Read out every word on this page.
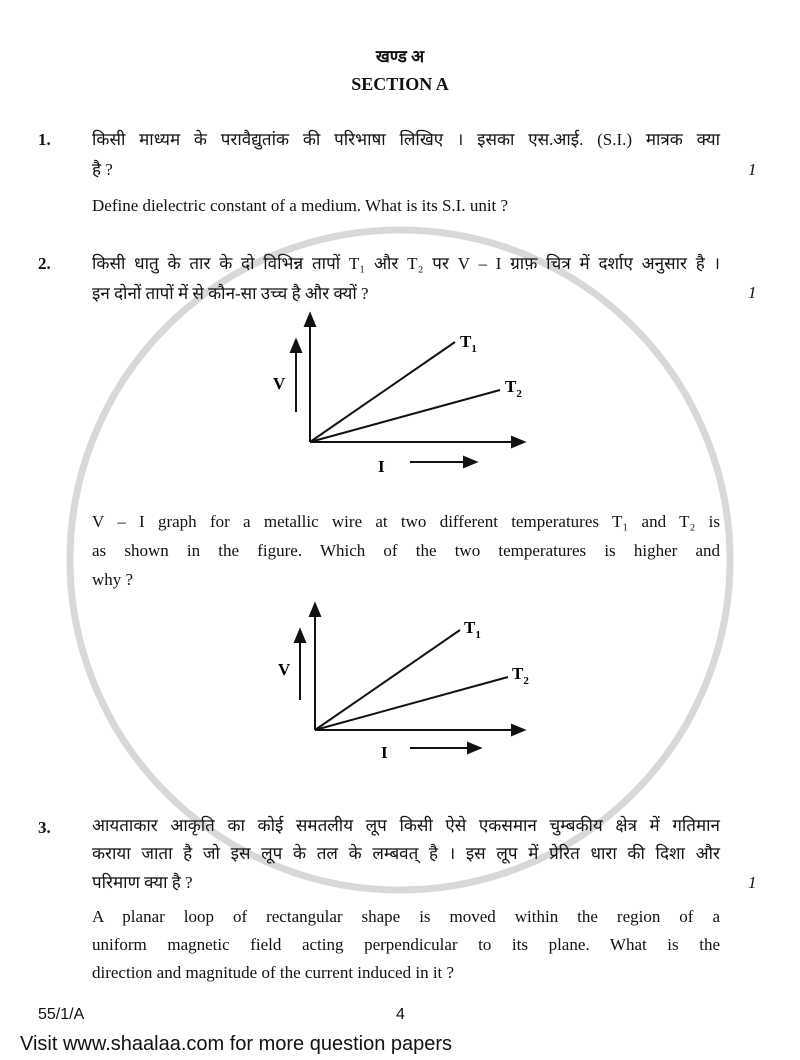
खण्ड अ
SECTION A
1. किसी माध्यम के परावैद्युतांक की परिभाषा लिखिए । इसका एस.आई. (S.I.) मात्रक क्या
है ?	1
Define dielectric constant of a medium. What is its S.I. unit ?
2. किसी धातु के तार के दो विभिन्न तापों T₁ और T₂ पर V – I ग्राफ़ चित्र में दर्शाए अनुसार है ।
इन दोनों तापों में से कौन-सा उच्च है और क्यों ?	1
V
I
$T_1$
$T_2$
V – I graph for a metallic wire at two different temperatures T₁ and T₂ is
as shown in the figure. Which of the two temperatures is higher and
why ?
V
I
$T_1$
$T_2$
3. आयताकार आकृति का कोई समतलीय लूप किसी ऐसे एकसमान चुम्बकीय क्षेत्र में गतिमान
कराया जाता है जो इस लूप के तल के लम्बवत् है । इस लूप में प्रेरित धारा की दिशा और
परिमाण क्या है ?	1
A planar loop of rectangular shape is moved within the region of a
uniform magnetic field acting perpendicular to its plane. What is the
direction and magnitude of the current induced in it ?
55/1/A	4
Visit www.shaalaa.com for more question papers
